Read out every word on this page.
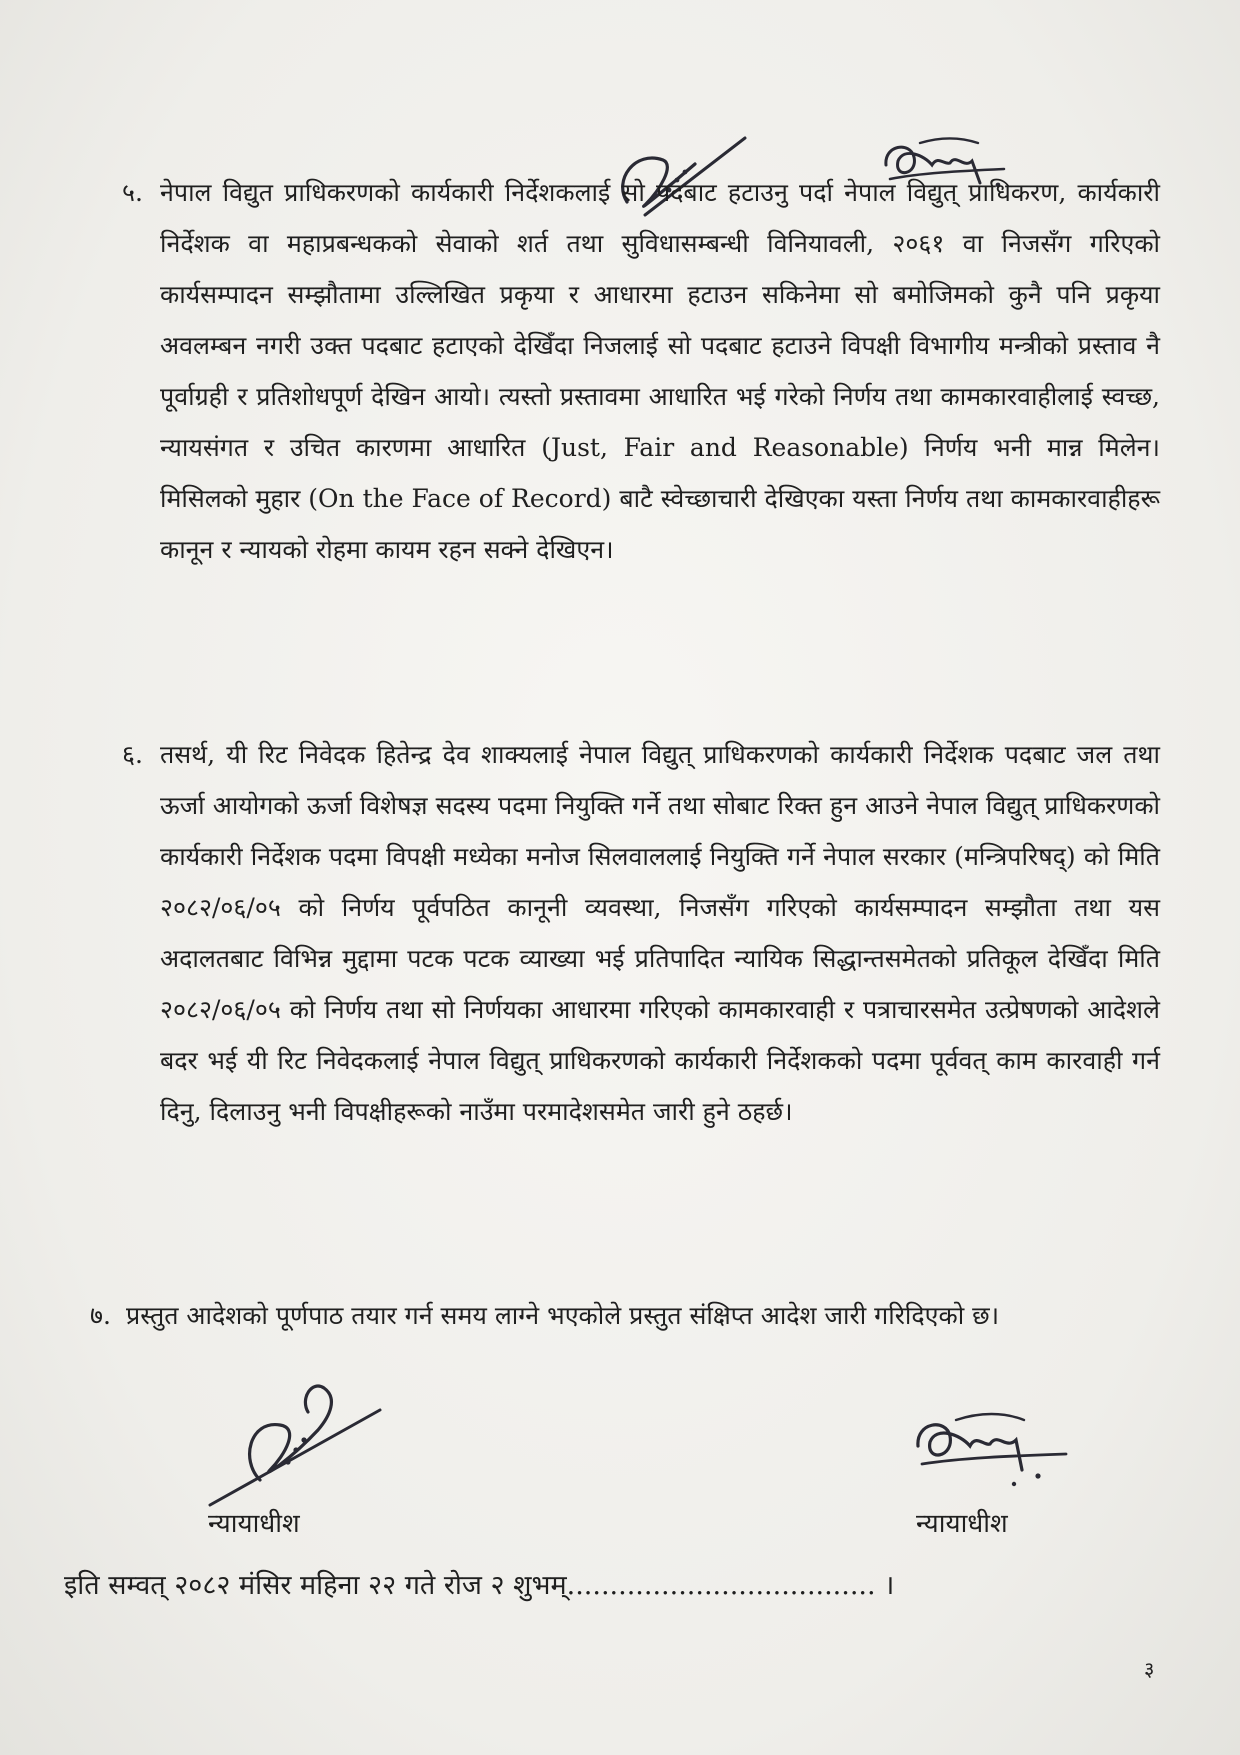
५. नेपाल विद्युत प्राधिकरणको कार्यकारी निर्देशकलाई सो पदबाट हटाउनु पर्दा नेपाल विद्युत् प्राधिकरण, कार्यकारी निर्देशक वा महाप्रबन्धकको सेवाको शर्त तथा सुविधासम्बन्धी विनियावली, २०६१ वा निजसँग गरिएको कार्यसम्पादन सम्झौतामा उल्लिखित प्रकृया र आधारमा हटाउन सकिनेमा सो बमोजिमको कुनै पनि प्रकृया अवलम्बन नगरी उक्त पदबाट हटाएको देखिँदा निजलाई सो पदबाट हटाउने विपक्षी विभागीय मन्त्रीको प्रस्ताव नै पूर्वाग्रही र प्रतिशोधपूर्ण देखिन आयो। त्यस्तो प्रस्तावमा आधारित भई गरेको निर्णय तथा कामकारवाहीलाई स्वच्छ, न्यायसंगत र उचित कारणमा आधारित (Just, Fair and Reasonable) निर्णय भनी मान्न मिलेन। मिसिलको मुहार (On the Face of Record) बाटै स्वेच्छाचारी देखिएका यस्ता निर्णय तथा कामकारवाहीहरू कानून र न्यायको रोहमा कायम रहन सक्ने देखिएन।
६. तसर्थ, यी रिट निवेदक हितेन्द्र देव शाक्यलाई नेपाल विद्युत् प्राधिकरणको कार्यकारी निर्देशक पदबाट जल तथा ऊर्जा आयोगको ऊर्जा विशेषज्ञ सदस्य पदमा नियुक्ति गर्ने तथा सोबाट रिक्त हुन आउने नेपाल विद्युत् प्राधिकरणको कार्यकारी निर्देशक पदमा विपक्षी मध्येका मनोज सिलवाललाई नियुक्ति गर्ने नेपाल सरकार (मन्त्रिपरिषद्) को मिति २०८२/०६/०५ को निर्णय पूर्वपठित कानूनी व्यवस्था, निजसँग गरिएको कार्यसम्पादन सम्झौता तथा यस अदालतबाट विभिन्न मुद्दामा पटक पटक व्याख्या भई प्रतिपादित न्यायिक सिद्धान्तसमेतको प्रतिकूल देखिँदा मिति २०८२/०६/०५ को निर्णय तथा सो निर्णयका आधारमा गरिएको कामकारवाही र पत्राचारसमेत उत्प्रेषणको आदेशले बदर भई यी रिट निवेदकलाई नेपाल विद्युत् प्राधिकरणको कार्यकारी निर्देशकको पदमा पूर्ववत् काम कारवाही गर्न दिनु, दिलाउनु भनी विपक्षीहरूको नाउँमा परमादेशसमेत जारी हुने ठहर्छ।
७. प्रस्तुत आदेशको पूर्णपाठ तयार गर्न समय लाग्ने भएकोले प्रस्तुत संक्षिप्त आदेश जारी गरिदिएको छ।
न्यायाधीश	न्यायाधीश
इति सम्वत् २०८२ मंसिर महिना २२ गते रोज २ शुभम्.................................... ।
३
